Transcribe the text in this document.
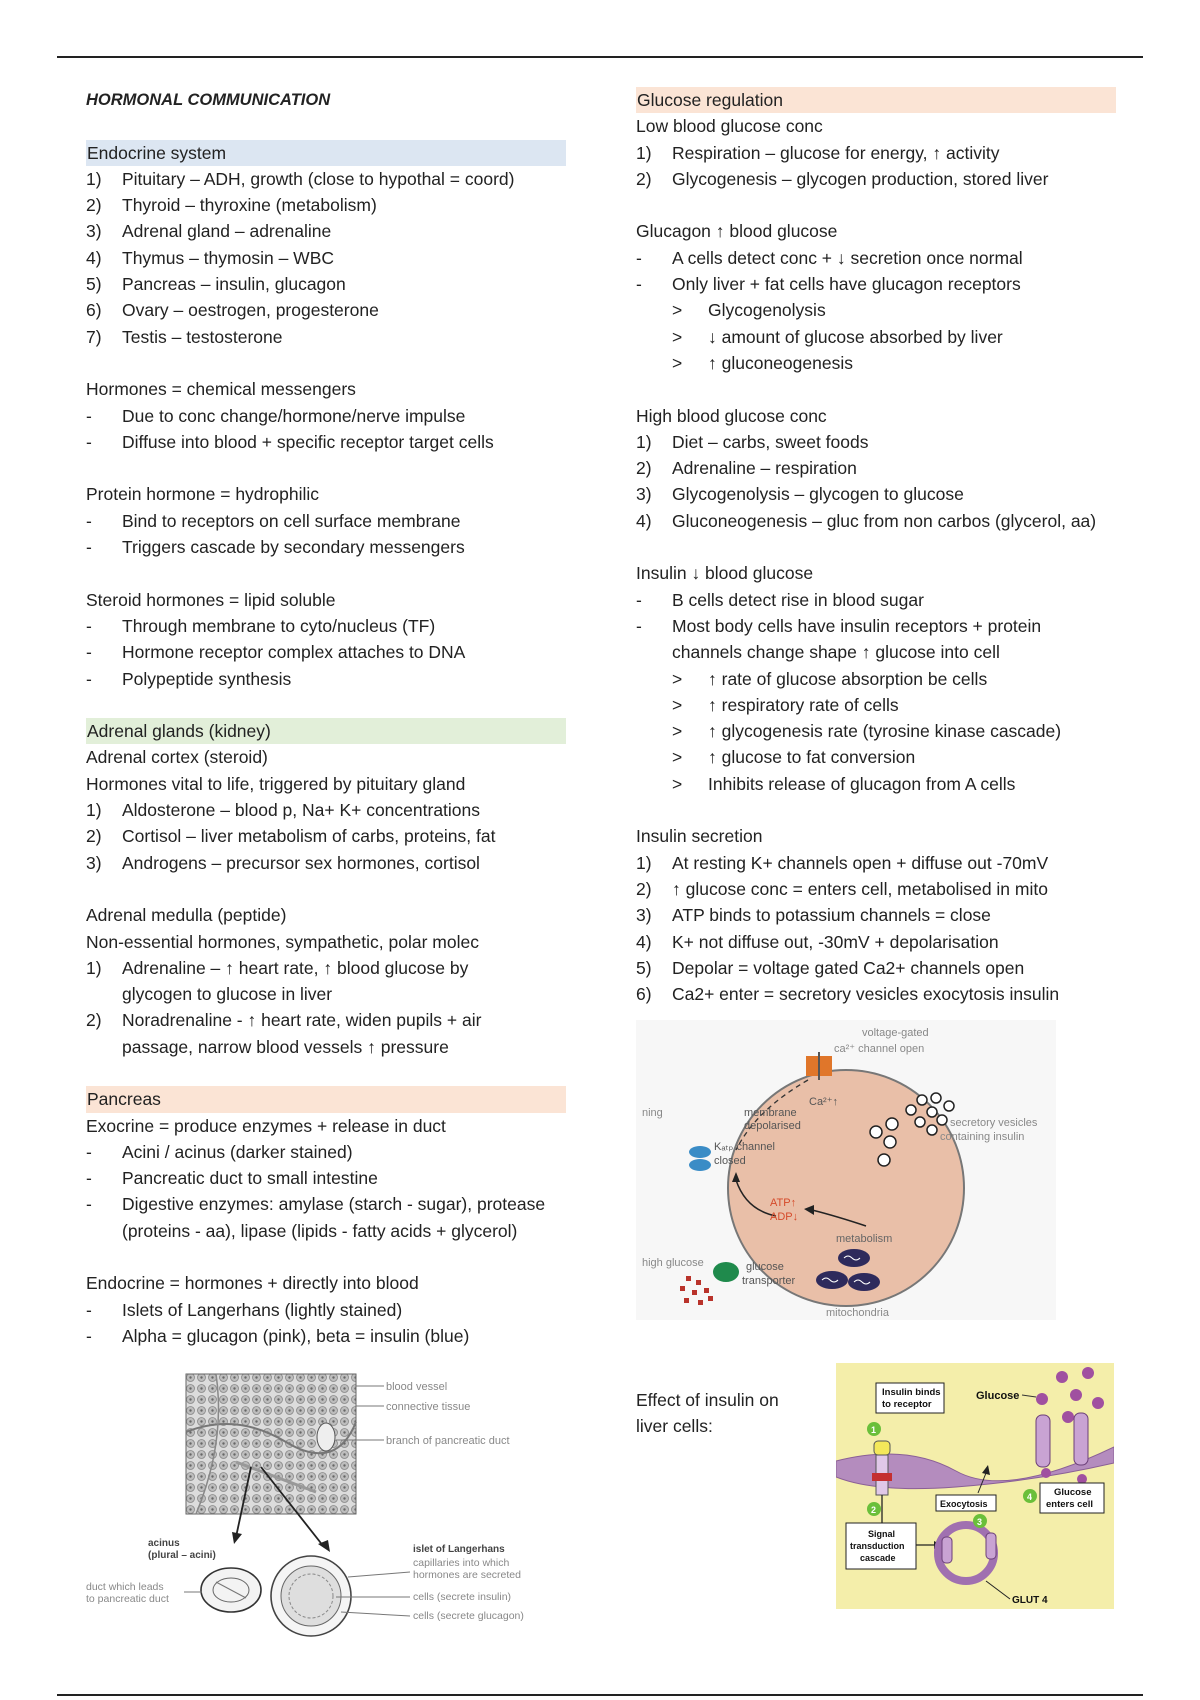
HORMONAL COMMUNICATION
Endocrine system
1) Pituitary – ADH, growth (close to hypothal = coord)
2) Thyroid – thyroxine (metabolism)
3) Adrenal gland – adrenaline
4) Thymus – thymosin – WBC
5) Pancreas – insulin, glucagon
6) Ovary – oestrogen, progesterone
7) Testis – testosterone
Hormones = chemical messengers
- Due to conc change/hormone/nerve impulse
- Diffuse into blood + specific receptor target cells
Protein hormone = hydrophilic
- Bind to receptors on cell surface membrane
- Triggers cascade by secondary messengers
Steroid hormones = lipid soluble
- Through membrane to cyto/nucleus (TF)
- Hormone receptor complex attaches to DNA
- Polypeptide synthesis
Adrenal glands (kidney)
Adrenal cortex (steroid)
Hormones vital to life, triggered by pituitary gland
1) Aldosterone – blood p, Na+ K+ concentrations
2) Cortisol – liver metabolism of carbs, proteins, fat
3) Androgens – precursor sex hormones, cortisol
Adrenal medulla (peptide)
Non-essential hormones, sympathetic, polar molec
1) Adrenaline – ↑ heart rate, ↑ blood glucose by
glycogen to glucose in liver
2) Noradrenaline - ↑ heart rate, widen pupils + air
passage, narrow blood vessels ↑ pressure
Pancreas
Exocrine = produce enzymes + release in duct
- Acini / acinus (darker stained)
- Pancreatic duct to small intestine
- Digestive enzymes: amylase (starch - sugar), protease
(proteins - aa), lipase (lipids - fatty acids + glycerol)
Endocrine = hormones + directly into blood
- Islets of Langerhans (lightly stained)
- Alpha = glucagon (pink), beta = insulin (blue)
Glucose regulation
Low blood glucose conc
1) Respiration – glucose for energy, ↑ activity
2) Glycogenesis – glycogen production, stored liver
Glucagon ↑ blood glucose
- A cells detect conc + ↓ secretion once normal
- Only liver + fat cells have glucagon receptors
> Glycogenolysis
> ↓ amount of glucose absorbed by liver
> ↑ gluconeogenesis
High blood glucose conc
1) Diet – carbs, sweet foods
2) Adrenaline – respiration
3) Glycogenolysis – glycogen to glucose
4) Gluconeogenesis – gluc from non carbos (glycerol, aa)
Insulin ↓ blood glucose
- B cells detect rise in blood sugar
- Most body cells have insulin receptors + protein
channels change shape ↑ glucose into cell
> ↑ rate of glucose absorption be cells
> ↑ respiratory rate of cells
> ↑ glycogenesis rate (tyrosine kinase cascade)
> ↑ glucose to fat conversion
> Inhibits release of glucagon from A cells
Insulin secretion
1) At resting K+ channels open + diffuse out -70mV
2) ↑ glucose conc = enters cell, metabolised in mito
3) ATP binds to potassium channels = close
4) K+ not diffuse out, -30mV + depolarisation
5) Depolar = voltage gated Ca2+ channels open
6) Ca2+ enter = secretory vesicles exocytosis insulin
blood vessel
connective tissue
branch of pancreatic duct
acinus
(plural – acini)
duct which leads
to pancreatic duct
islet of Langerhans
capillaries into which
hormones are secreted
cells (secrete insulin)
cells (secrete glucagon)
voltage-gated
ca²⁺ channel open
membrane
depolarised
Ca²⁺↑
secretory vesicles
containing insulin
ning
Kₐₜₚ channel
closed
ATP↑
ADP↓
metabolism
high glucose	glucose
transporter
mitochondria
Effect of insulin on
liver cells:
Glucose
Insulin binds
to receptor
1
2
Signal
transduction
cascade
3
Exocytosis
4 Glucose
enters cell
GLUT 4
